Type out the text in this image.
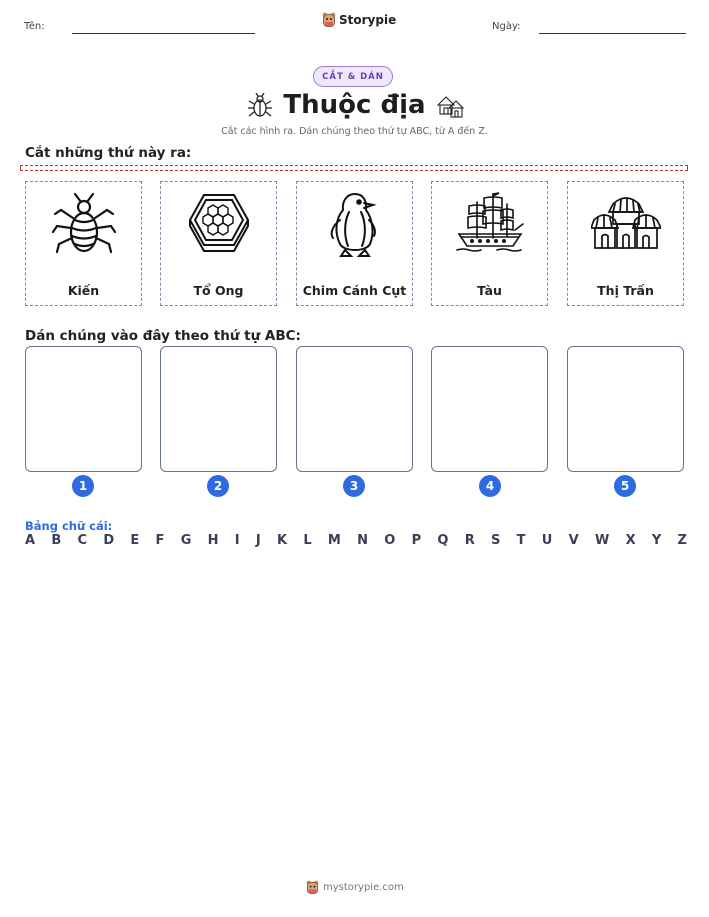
Tên:	Storypie	Ngày:
CẮT & DÁN
Thuộc địa
Cắt các hình ra. Dán chúng theo thứ tự ABC, từ A đến Z.
Cắt những thứ này ra:
Kiến	Tổ Ong	Chim Cánh Cụt	Tàu	Thị Trấn
Dán chúng vào đây theo thứ tự ABC:
1	2	3	4	5
Bảng chữ cái:
A B C D E F G H I J K L M N O P Q R S T U V W X Y Z
mystorypie.com
